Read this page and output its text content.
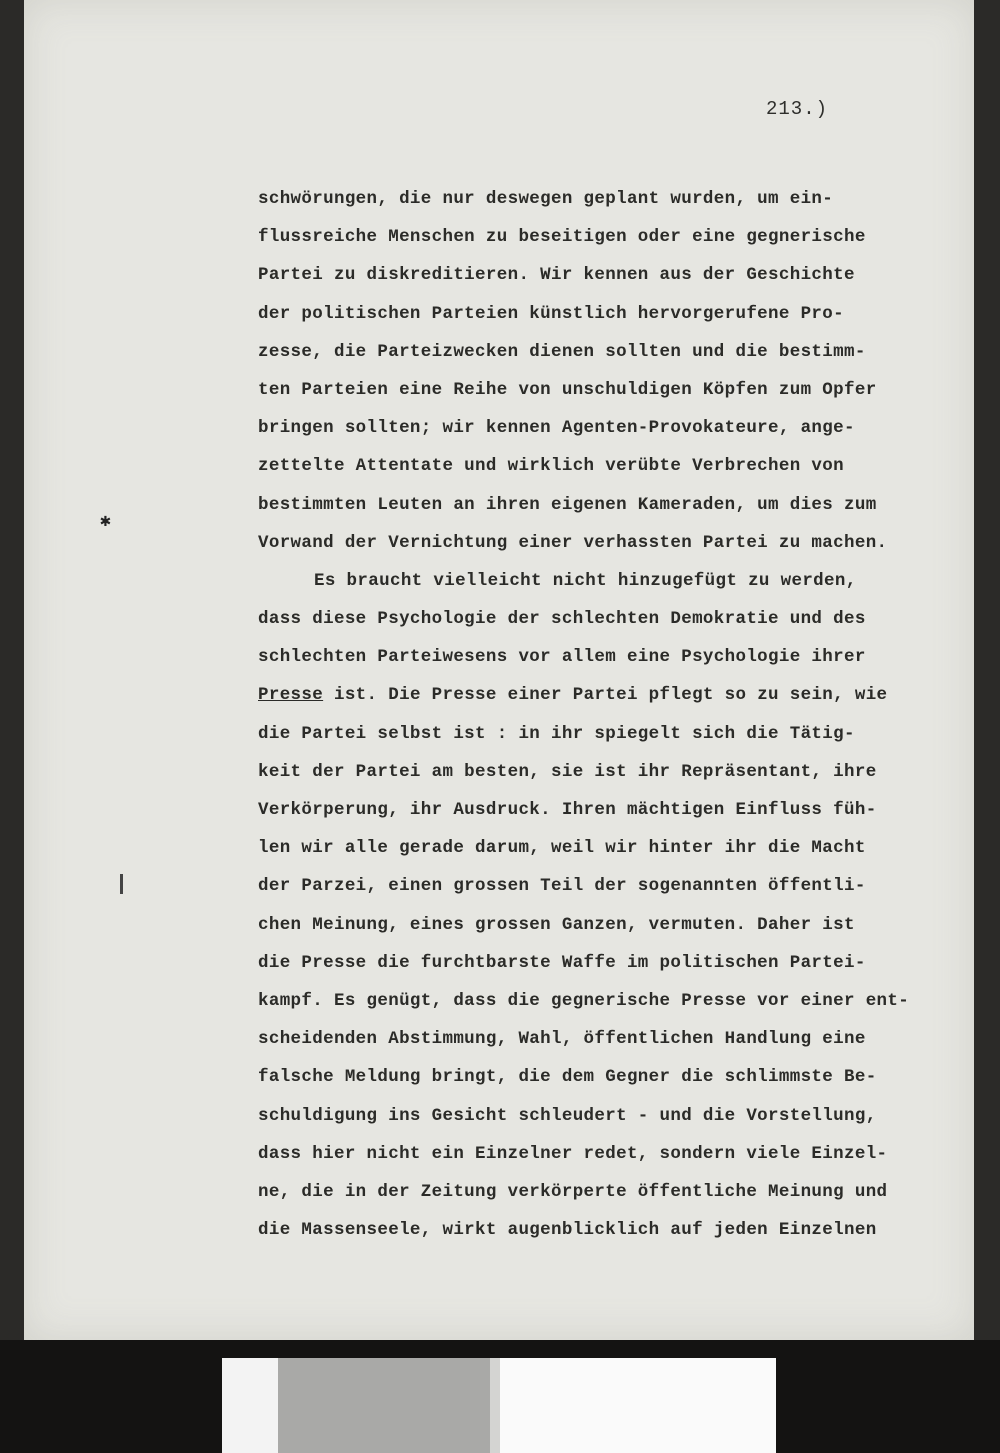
213.)
schwörungen, die nur deswegen geplant wurden, um ein-
flussreiche Menschen zu beseitigen oder eine gegnerische
Partei zu diskreditieren. Wir kennen aus der Geschichte
der politischen Parteien künstlich hervorgerufene Pro-
zesse, die Parteizwecken dienen sollten und die bestimm-
ten Parteien eine Reihe von unschuldigen Köpfen zum Opfer
bringen sollten; wir kennen Agenten-Provokateure, ange-
zettelte Attentate und wirklich verübte Verbrechen von
bestimmten Leuten an ihren eigenen Kameraden, um dies zum
Vorwand der Vernichtung einer verhassten Partei zu machen.
Es braucht vielleicht nicht hinzugefügt zu werden,
dass diese Psychologie der schlechten Demokratie und des
schlechten Parteiwesens vor allem eine Psychologie ihrer
Presse ist. Die Presse einer Partei pflegt so zu sein, wie
die Partei selbst ist : in ihr spiegelt sich die Tätig-
keit der Partei am besten, sie ist ihr Repräsentant, ihre
Verkörperung, ihr Ausdruck. Ihren mächtigen Einfluss füh-
len wir alle gerade darum, weil wir hinter ihr die Macht
der Parzei, einen grossen Teil der sogenannten öffentli-
chen Meinung, eines grossen Ganzen, vermuten. Daher ist
die Presse die furchtbarste Waffe im politischen Partei-
kampf. Es genügt, dass die gegnerische Presse vor einer ent-
scheidenden Abstimmung, Wahl, öffentlichen Handlung eine
falsche Meldung bringt, die dem Gegner die schlimmste Be-
schuldigung ins Gesicht schleudert - und die Vorstellung,
dass hier nicht ein Einzelner redet, sondern viele Einzel-
ne, die in der Zeitung verkörperte öffentliche Meinung und
die Massenseele, wirkt augenblicklich auf jeden Einzelnen
✱
